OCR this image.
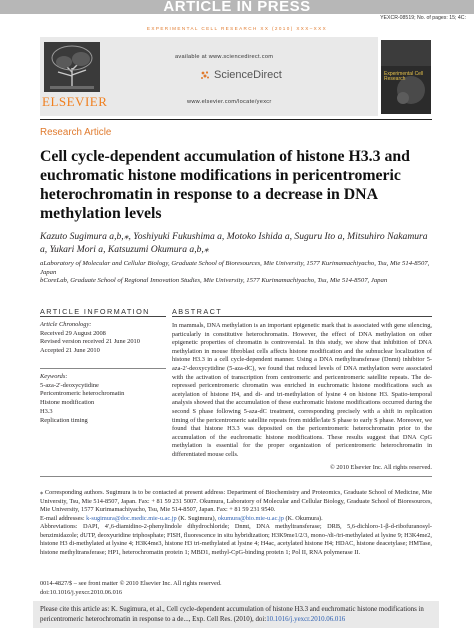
ARTICLE IN PRESS
YEXCR-08519; No. of pages: 15; 4C:
EXPERIMENTAL CELL RESEARCH XX (2010) XXX–XXX
ELSEVIER
available at www.sciencedirect.com
ScienceDirect
www.elsevier.com/locate/yexcr
Experimental Cell Research
Research Article
Cell cycle-dependent accumulation of histone H3.3 and euchromatic histone modifications in pericentromeric heterochromatin in response to a decrease in DNA methylation levels
Kazuto Sugimura a,b,⁎, Yoshiyuki Fukushima a, Motoko Ishida a, Suguru Ito a, Mitsuhiro Nakamura a, Yukari Mori a, Katsuzumi Okumura a,b,⁎

aLaboratory of Molecular and Cellular Biology, Graduate School of Bioresources, Mie University, 1577 Kurimamachiyacho, Tsu, Mie 514-8507, Japan

bCoreLab, Graduate School of Regional Innovation Studies, Mie University, 1577 Kurimamachiyacho, Tsu, Mie 514-8507, Japan

ARTICLE INFORMATION	ABSTRACT
Article Chronology:
Received 29 August 2008
Revised version received 21 June 2010
Accepted 21 June 2010
Keywords:
5-aza-2′-deoxycytidine
Pericentromeric heterochromatin
Histone modification
H3.3
Replication timing

In mammals, DNA methylation is an important epigenetic mark that is associated with gene silencing, particularly in constitutive heterochromatin. However, the effect of DNA methylation on other epigenetic properties of chromatin is controversial. In this study, we show that inhibition of DNA methylation in mouse fibroblast cells affects histone modification and the subnuclear localization of histone H3.3 in a cell cycle-dependent manner. Using a DNA methyltransferase (Dnmt) inhibitor 5-aza-2′-deoxycytidine (5-aza-dC), we found that reduced levels of DNA methylation were associated with the activation of transcription from centromeric and pericentromeric satellite repeats. The de-repressed pericentromeric chromatin was enriched in euchromatic histone modifications such as acetylation of histone H4, and di- and tri-methylation of lysine 4 on histone H3. Spatio-temporal analysis showed that the accumulation of these euchromatic histone modifications occurred during the second S phase following 5-aza-dC treatment, corresponding precisely with a shift in replication timing of the pericentromeric satellite repeats from middle/late S phase to early S phase. Moreover, we found that histone H3.3 was deposited on the pericentromeric heterochromatin prior to the accumulation of the euchromatic histone modifications. These results suggest that DNA CpG methylation is essential for the proper organization of pericentromeric heterochromatin in differentiated mouse cells.

© 2010 Elsevier Inc. All rights reserved.

⁎ Corresponding authors. Sugimura is to be contacted at present address: Department of Biochemistry and Proteomics, Graduate School of Medicine, Mie University, Tsu, Mie 514-8507, Japan. Fax: + 81 59 231 5007. Okumura, Laboratory of Molecular and Cellular Biology, Graduate School of Bioresources, Mie University, 1577 Kurimamachiyacho, Tsu, Mie 514-8507, Japan. Fax: + 81 59 231 9540.

E-mail addresses: k-sugimura@doc.medic.mie-u.ac.jp (K. Sugimura), okumura@bio.mie-u.ac.jp (K. Okumura).

Abbreviations: DAPI, 4′,6-diamidino-2-phenylindole dihydrochloride; Dnmt, DNA methyltransferase; DRB, 5,6-dichloro-1-β-d-ribofuranosyl-benzimidazole; dUTP, deoxyuridine triphosphate; FISH, fluorescence in situ hybridization; H3K9me1/2/3, mono-/di-/tri-methylated at lysine 9; H3K4me2, histone H3 di-methylated at lysine 4; H3K4me3, histone H3 tri-methylated at lysine 4; H4ac, acetylated histone H4; HDAC, histone deacetylase; HMTase, histone methyltransferase; HP1, heterochromatin protein 1; MBD1, methyl-CpG-binding protein 1; Pol II, RNA polymerase II.

0014-4827/$ – see front matter © 2010 Elsevier Inc. All rights reserved.
doi:10.1016/j.yexcr.2010.06.016
Please cite this article as: K. Sugimura, et al., Cell cycle-dependent accumulation of histone H3.3 and euchromatic histone modifications in pericentromeric heterochromatin in response to a de..., Exp. Cell Res. (2010), doi:10.1016/j.yexcr.2010.06.016
